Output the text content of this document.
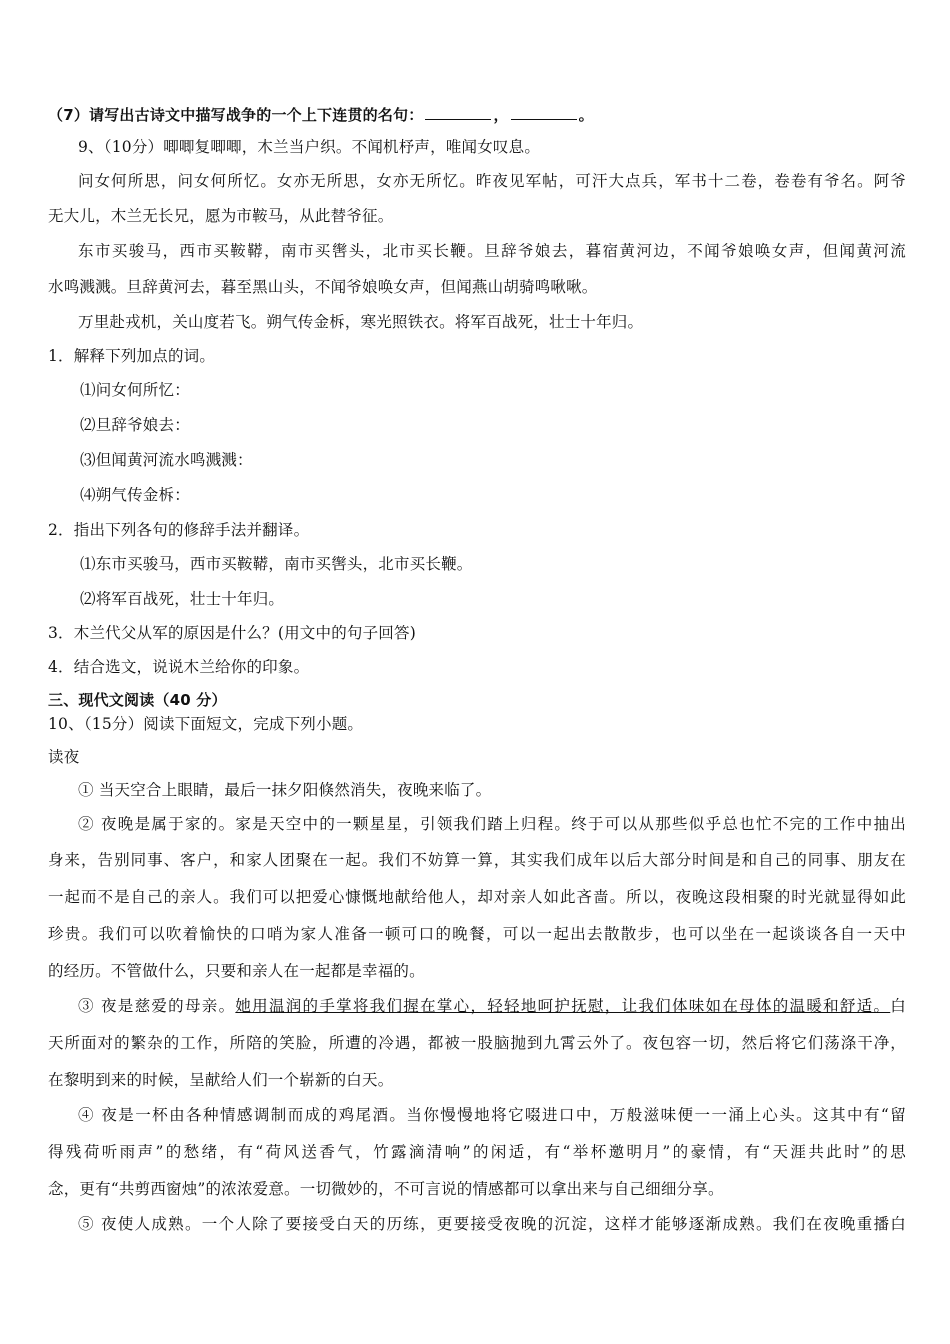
（7）请写出古诗文中描写战争的一个上下连贯的名句：	，	。
9、（10分）唧唧复唧唧，木兰当户织。不闻机杼声，唯闻女叹息。
问女何所思，问女何所忆。女亦无所思，女亦无所忆。昨夜见军帖，可汗大点兵，军书十二卷，卷卷有爷名。阿爷
无大儿，木兰无长兄，愿为市鞍马，从此替爷征。
东市买骏马，西市买鞍鞯，南市买辔头，北市买长鞭。旦辞爷娘去，暮宿黄河边，不闻爷娘唤女声，但闻黄河流
水鸣溅溅。旦辞黄河去，暮至黑山头，不闻爷娘唤女声，但闻燕山胡骑鸣啾啾。
万里赴戎机，关山度若飞。朔气传金柝，寒光照铁衣。将军百战死，壮士十年归。
1．解释下列加点的词。
⑴问女何所忆：
⑵旦辞爷娘去：
⑶但闻黄河流水鸣溅溅：
⑷朔气传金柝：
2．指出下列各句的修辞手法并翻译。
⑴东市买骏马，西市买鞍鞯，南市买辔头，北市买长鞭。
⑵将军百战死，壮士十年归。
3．木兰代父从军的原因是什么？(用文中的句子回答)
4．结合选文，说说木兰给你的印象。
三、现代文阅读（40 分）
10、（15分）阅读下面短文，完成下列小题。
读夜
① 当天空合上眼睛，最后一抹夕阳倏然消失，夜晚来临了。
② 夜晚是属于家的。家是天空中的一颗星星，引领我们踏上归程。终于可以从那些似乎总也忙不完的工作中抽出
身来，告别同事、客户，和家人团聚在一起。我们不妨算一算，其实我们成年以后大部分时间是和自己的同事、朋友在
一起而不是自己的亲人。我们可以把爱心慷慨地献给他人，却对亲人如此吝啬。所以，夜晚这段相聚的时光就显得如此
珍贵。我们可以吹着愉快的口哨为家人准备一顿可口的晚餐，可以一起出去散散步，也可以坐在一起谈谈各自一天中
的经历。不管做什么，只要和亲人在一起都是幸福的。
③ 夜是慈爱的母亲。她用温润的手掌将我们握在掌心，轻轻地呵护抚慰，让我们体味如在母体的温暖和舒适。白
天所面对的繁杂的工作，所陪的笑脸，所遭的冷遇，都被一股脑抛到九霄云外了。夜包容一切，然后将它们荡涤干净，
在黎明到来的时候，呈献给人们一个崭新的白天。
④ 夜是一杯由各种情感调制而成的鸡尾酒。当你慢慢地将它啜进口中，万般滋味便一一涌上心头。这其中有“留
得残荷听雨声”的愁绪，有“荷风送香气，竹露滴清响”的闲适，有“举杯邀明月”的豪情，有“天涯共此时”的思
念，更有“共剪西窗烛”的浓浓爱意。一切微妙的，不可言说的情感都可以拿出来与自己细细分享。
⑤ 夜使人成熟。一个人除了要接受白天的历练，更要接受夜晚的沉淀，这样才能够逐渐成熟。我们在夜晚重播白
